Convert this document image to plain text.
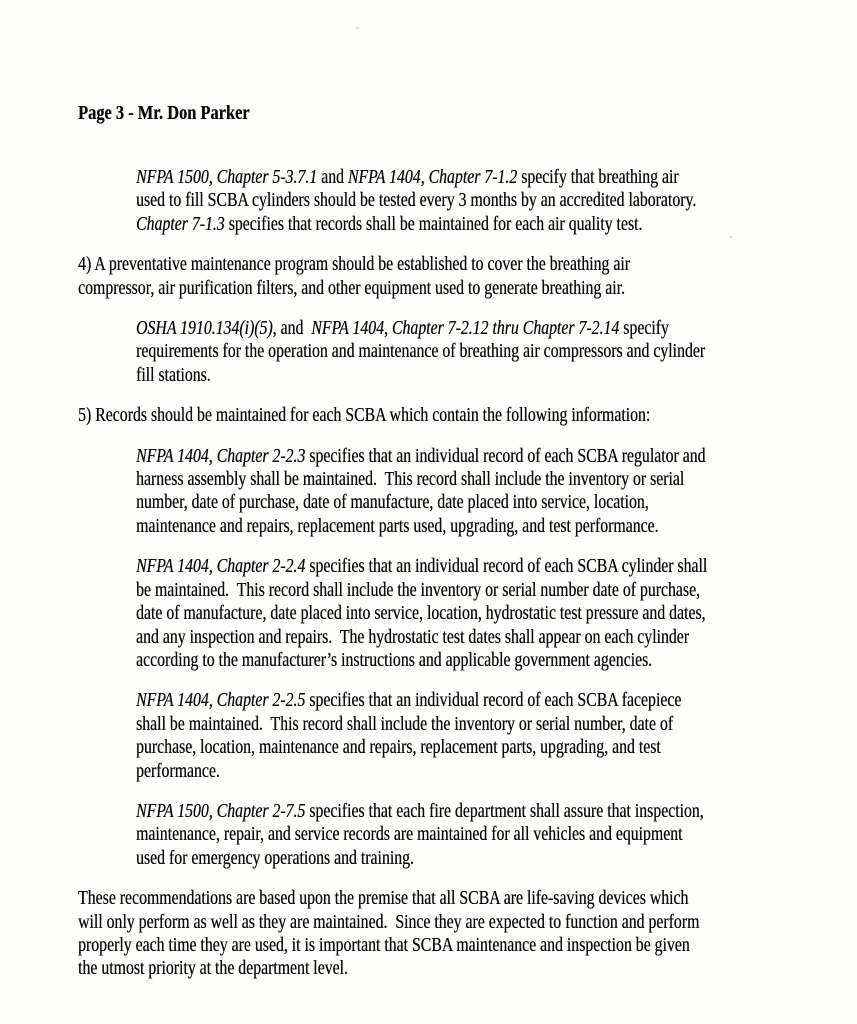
Page 3 - Mr. Don Parker
NFPA 1500, Chapter 5-3.7.1 and NFPA 1404, Chapter 7-1.2 specify that breathing air
used to fill SCBA cylinders should be tested every 3 months by an accredited laboratory.
Chapter 7-1.3 specifies that records shall be maintained for each air quality test.
4) A preventative maintenance program should be established to cover the breathing air
compressor, air purification filters, and other equipment used to generate breathing air.
OSHA 1910.134(i)(5), and  NFPA 1404, Chapter 7-2.12 thru Chapter 7-2.14 specify
requirements for the operation and maintenance of breathing air compressors and cylinder
fill stations.
5) Records should be maintained for each SCBA which contain the following information:
NFPA 1404, Chapter 2-2.3 specifies that an individual record of each SCBA regulator and
harness assembly shall be maintained.  This record shall include the inventory or serial
number, date of purchase, date of manufacture, date placed into service, location,
maintenance and repairs, replacement parts used, upgrading, and test performance.
NFPA 1404, Chapter 2-2.4 specifies that an individual record of each SCBA cylinder shall
be maintained.  This record shall include the inventory or serial number date of purchase,
date of manufacture, date placed into service, location, hydrostatic test pressure and dates,
and any inspection and repairs.  The hydrostatic test dates shall appear on each cylinder
according to the manufacturer’s instructions and applicable government agencies.
NFPA 1404, Chapter 2-2.5 specifies that an individual record of each SCBA facepiece
shall be maintained.  This record shall include the inventory or serial number, date of
purchase, location, maintenance and repairs, replacement parts, upgrading, and test
performance.
NFPA 1500, Chapter 2-7.5 specifies that each fire department shall assure that inspection,
maintenance, repair, and service records are maintained for all vehicles and equipment
used for emergency operations and training.
These recommendations are based upon the premise that all SCBA are life-saving devices which
will only perform as well as they are maintained.  Since they are expected to function and perform
properly each time they are used, it is important that SCBA maintenance and inspection be given
the utmost priority at the department level.
